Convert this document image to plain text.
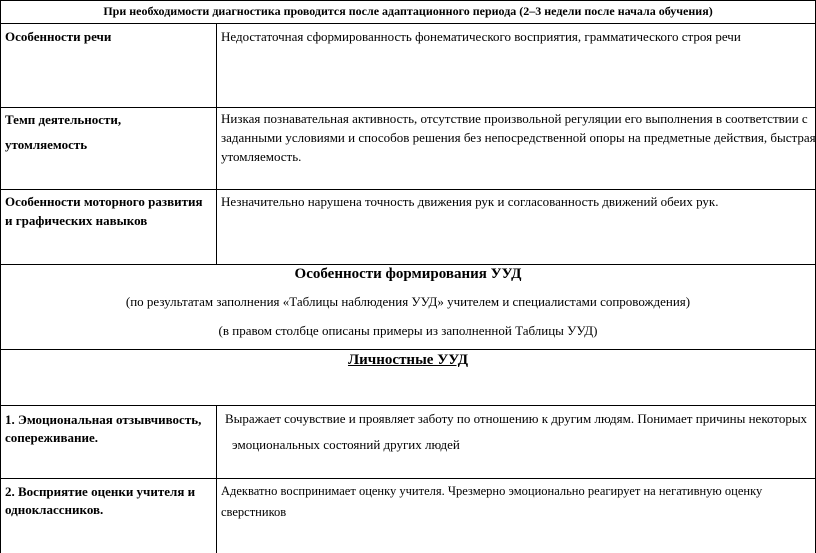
При необходимости диагностика проводится после адаптационного периода (2–3 недели после начала обучения)
Особенности речи	Недостаточная сформированность фонематического восприятия, грамматического строя речи
Темп деятельности,
утомляемость
Низкая познавательная активность, отсутствие произвольной регуляции его выполнения в соответствии с
заданными условиями и способов решения без непосредственной опоры на предметные действия, быстрая
утомляемость.
Особенности моторного развития
и графических навыков
Незначительно нарушена точность движения рук и согласованность движений обеих рук.
Особенности формирования УУД
(по результатам заполнения «Таблицы наблюдения УУД» учителем и специалистами сопровождения)
(в правом столбце описаны примеры из заполненной Таблицы УУД)
Личностные УУД
1. Эмоциональная отзывчивость,
сопереживание.
Выражает сочувствие и проявляет заботу по отношению к другим людям. Понимает причины некоторых
эмоциональных состояний других людей
2. Восприятие оценки учителя и
одноклассников.
Адекватно воспринимает оценку учителя. Чрезмерно эмоционально реагирует на негативную оценку сверстников
